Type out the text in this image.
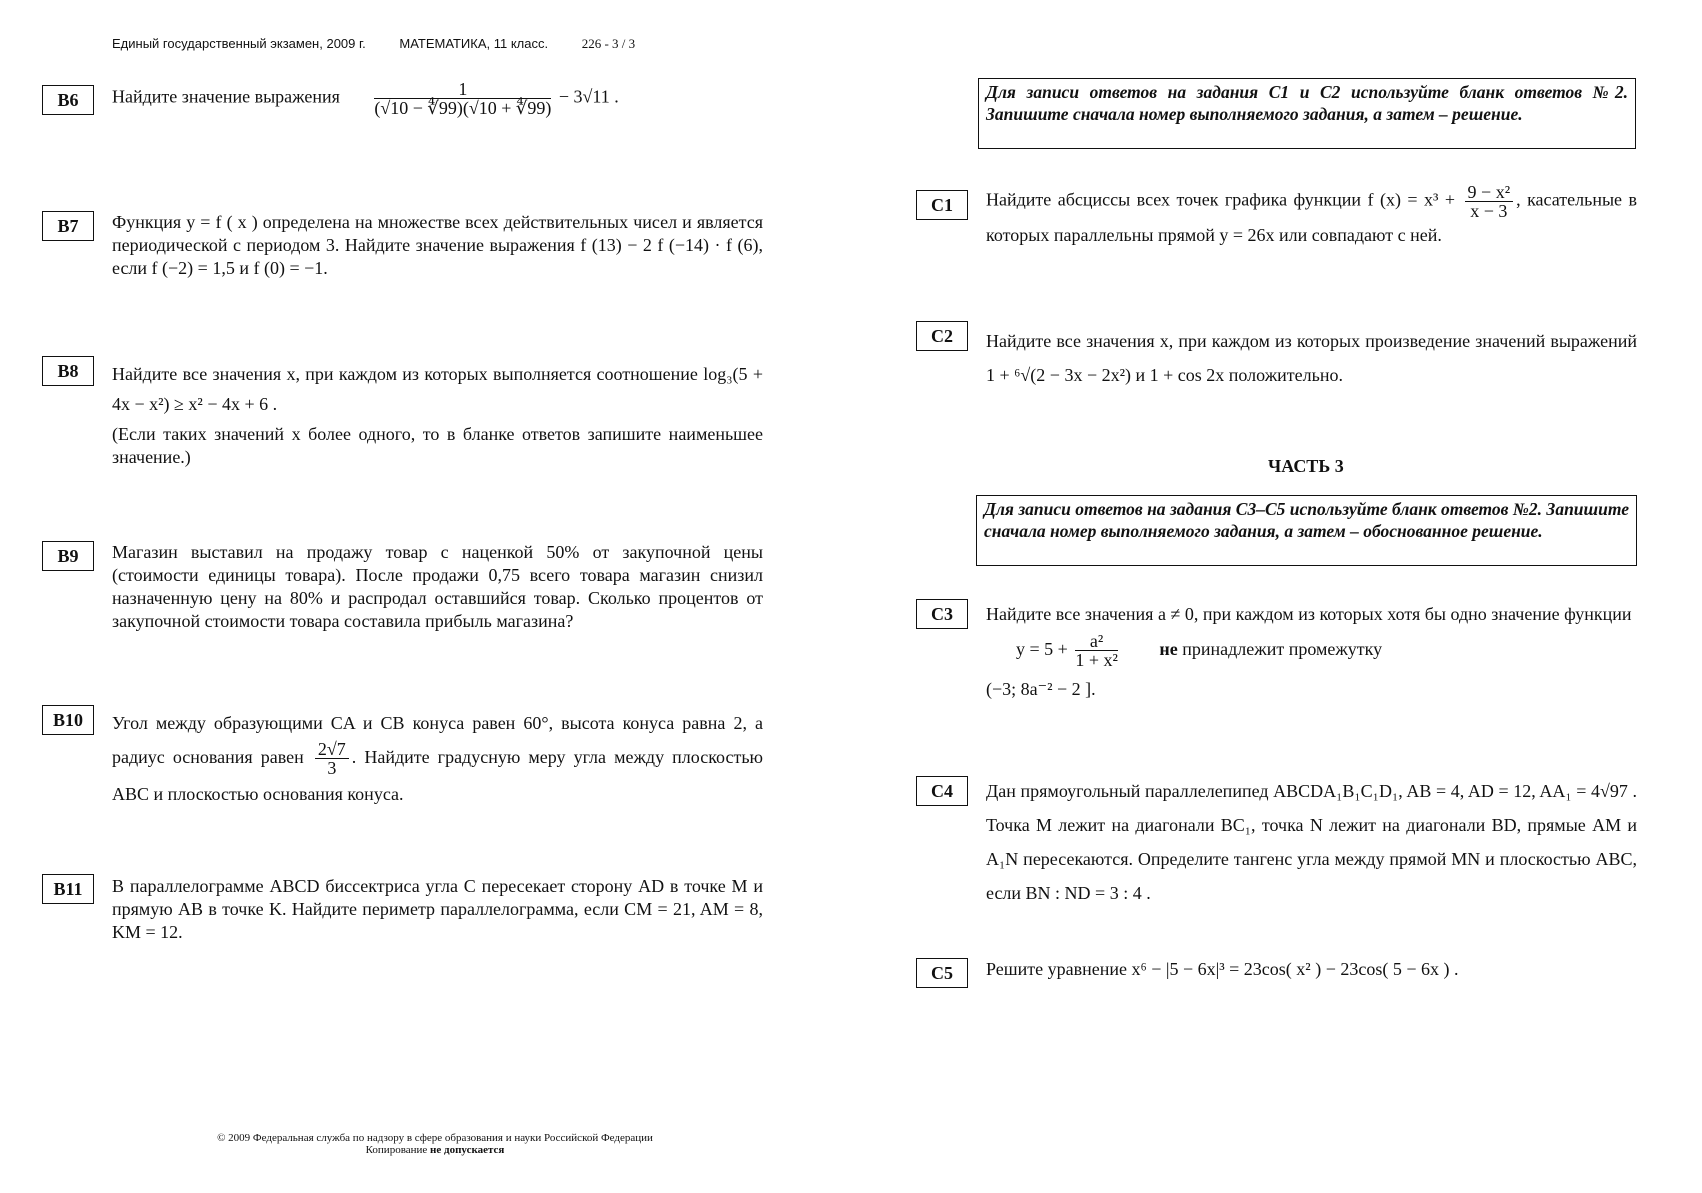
Единый государственный экзамен, 2009 г.	МАТЕМАТИКА, 11 класс.	226 - 3 / 3
B6	Найдите значение выражения $\frac{1}{(√10 - ∜99)(√10 + ∜99)} - 3√11$ .
B7	Функция y = f ( x ) определена на множестве всех действительных чисел и является периодической с периодом 3. Найдите значение выражения f (13) − 2 f (−14) · f (6), если f (−2) = 1,5 и f (0) = −1.

B8	Найдите все значения x, при каждом из которых выполняется соотношение log₃(5 + 4x − x²) ≥ x² − 4x + 6 .

(Если таких значений x более одного, то в бланке ответов запишите наименьшее значение.)

B9	Магазин выставил на продажу товар с наценкой 50% от закупочной цены (стоимости единицы товара). После продажи 0,75 всего товара магазин снизил назначенную цену на 80% и распродал оставшийся товар. Сколько процентов от закупочной стоимости товара составила прибыль магазина?

B10	Угол между образующими CA и CB конуса равен 60°, высота конуса равна 2, а радиус основания равен $\frac{2√7}{3}$ . Найдите градусную меру угла между плоскостью ABC и плоскостью основания конуса.

B11	В параллелограмме ABCD биссектриса угла C пересекает сторону AD в точке M и прямую AB в точке K. Найдите периметр параллелограмма, если CM = 21, AM = 8, KM = 12.

Для записи ответов на задания С1 и С2 используйте бланк ответов №2. Запишите сначала номер выполняемого задания, а затем – решение.
C1	Найдите абсциссы всех точек графика функции f $(x) = x^3 + \frac{\text{9 − x²}}{x - 3}$ , касательные в которых параллельны прямой y = 26x или совпадают с ней.

C2	Найдите все значения x, при каждом из которых произведение значений выражений 1 + ⁶√(2 − 3x − 2x²) и 1 + cos 2x положительно.

ЧАСТЬ 3
Для записи ответов на задания С3–С5 используйте бланк ответов №2. Запишите сначала номер выполняемого задания, а затем – обоснованное решение.
C3	Найдите все значения a ≠ 0, при каждом из которых хотя бы одно значение функции

$y = 5 + \frac{\text{a²}}{\text{1 + x²}}$ не принадлежит промежутку

(−3; 8a⁻² − 2 ].

C4	Дан прямоугольный параллелепипед ABCDA₁B₁C₁D₁, AB = 4, AD = 12, AA₁ = 4√97 . Точка M лежит на диагонали BC₁, точка N лежит на диагонали BD, прямые AM и A₁N пересекаются. Определите тангенс угла между прямой MN и плоскостью ABC, если BN : ND = 3 : 4 .

C5	Решите уравнение x⁶ − |5 − 6x|³ = 23cos( x² ) − 23cos( 5 − 6x ) .

© 2009 Федеральная служба по надзору в сфере образования и науки Российской Федерации
Копирование не допускается
